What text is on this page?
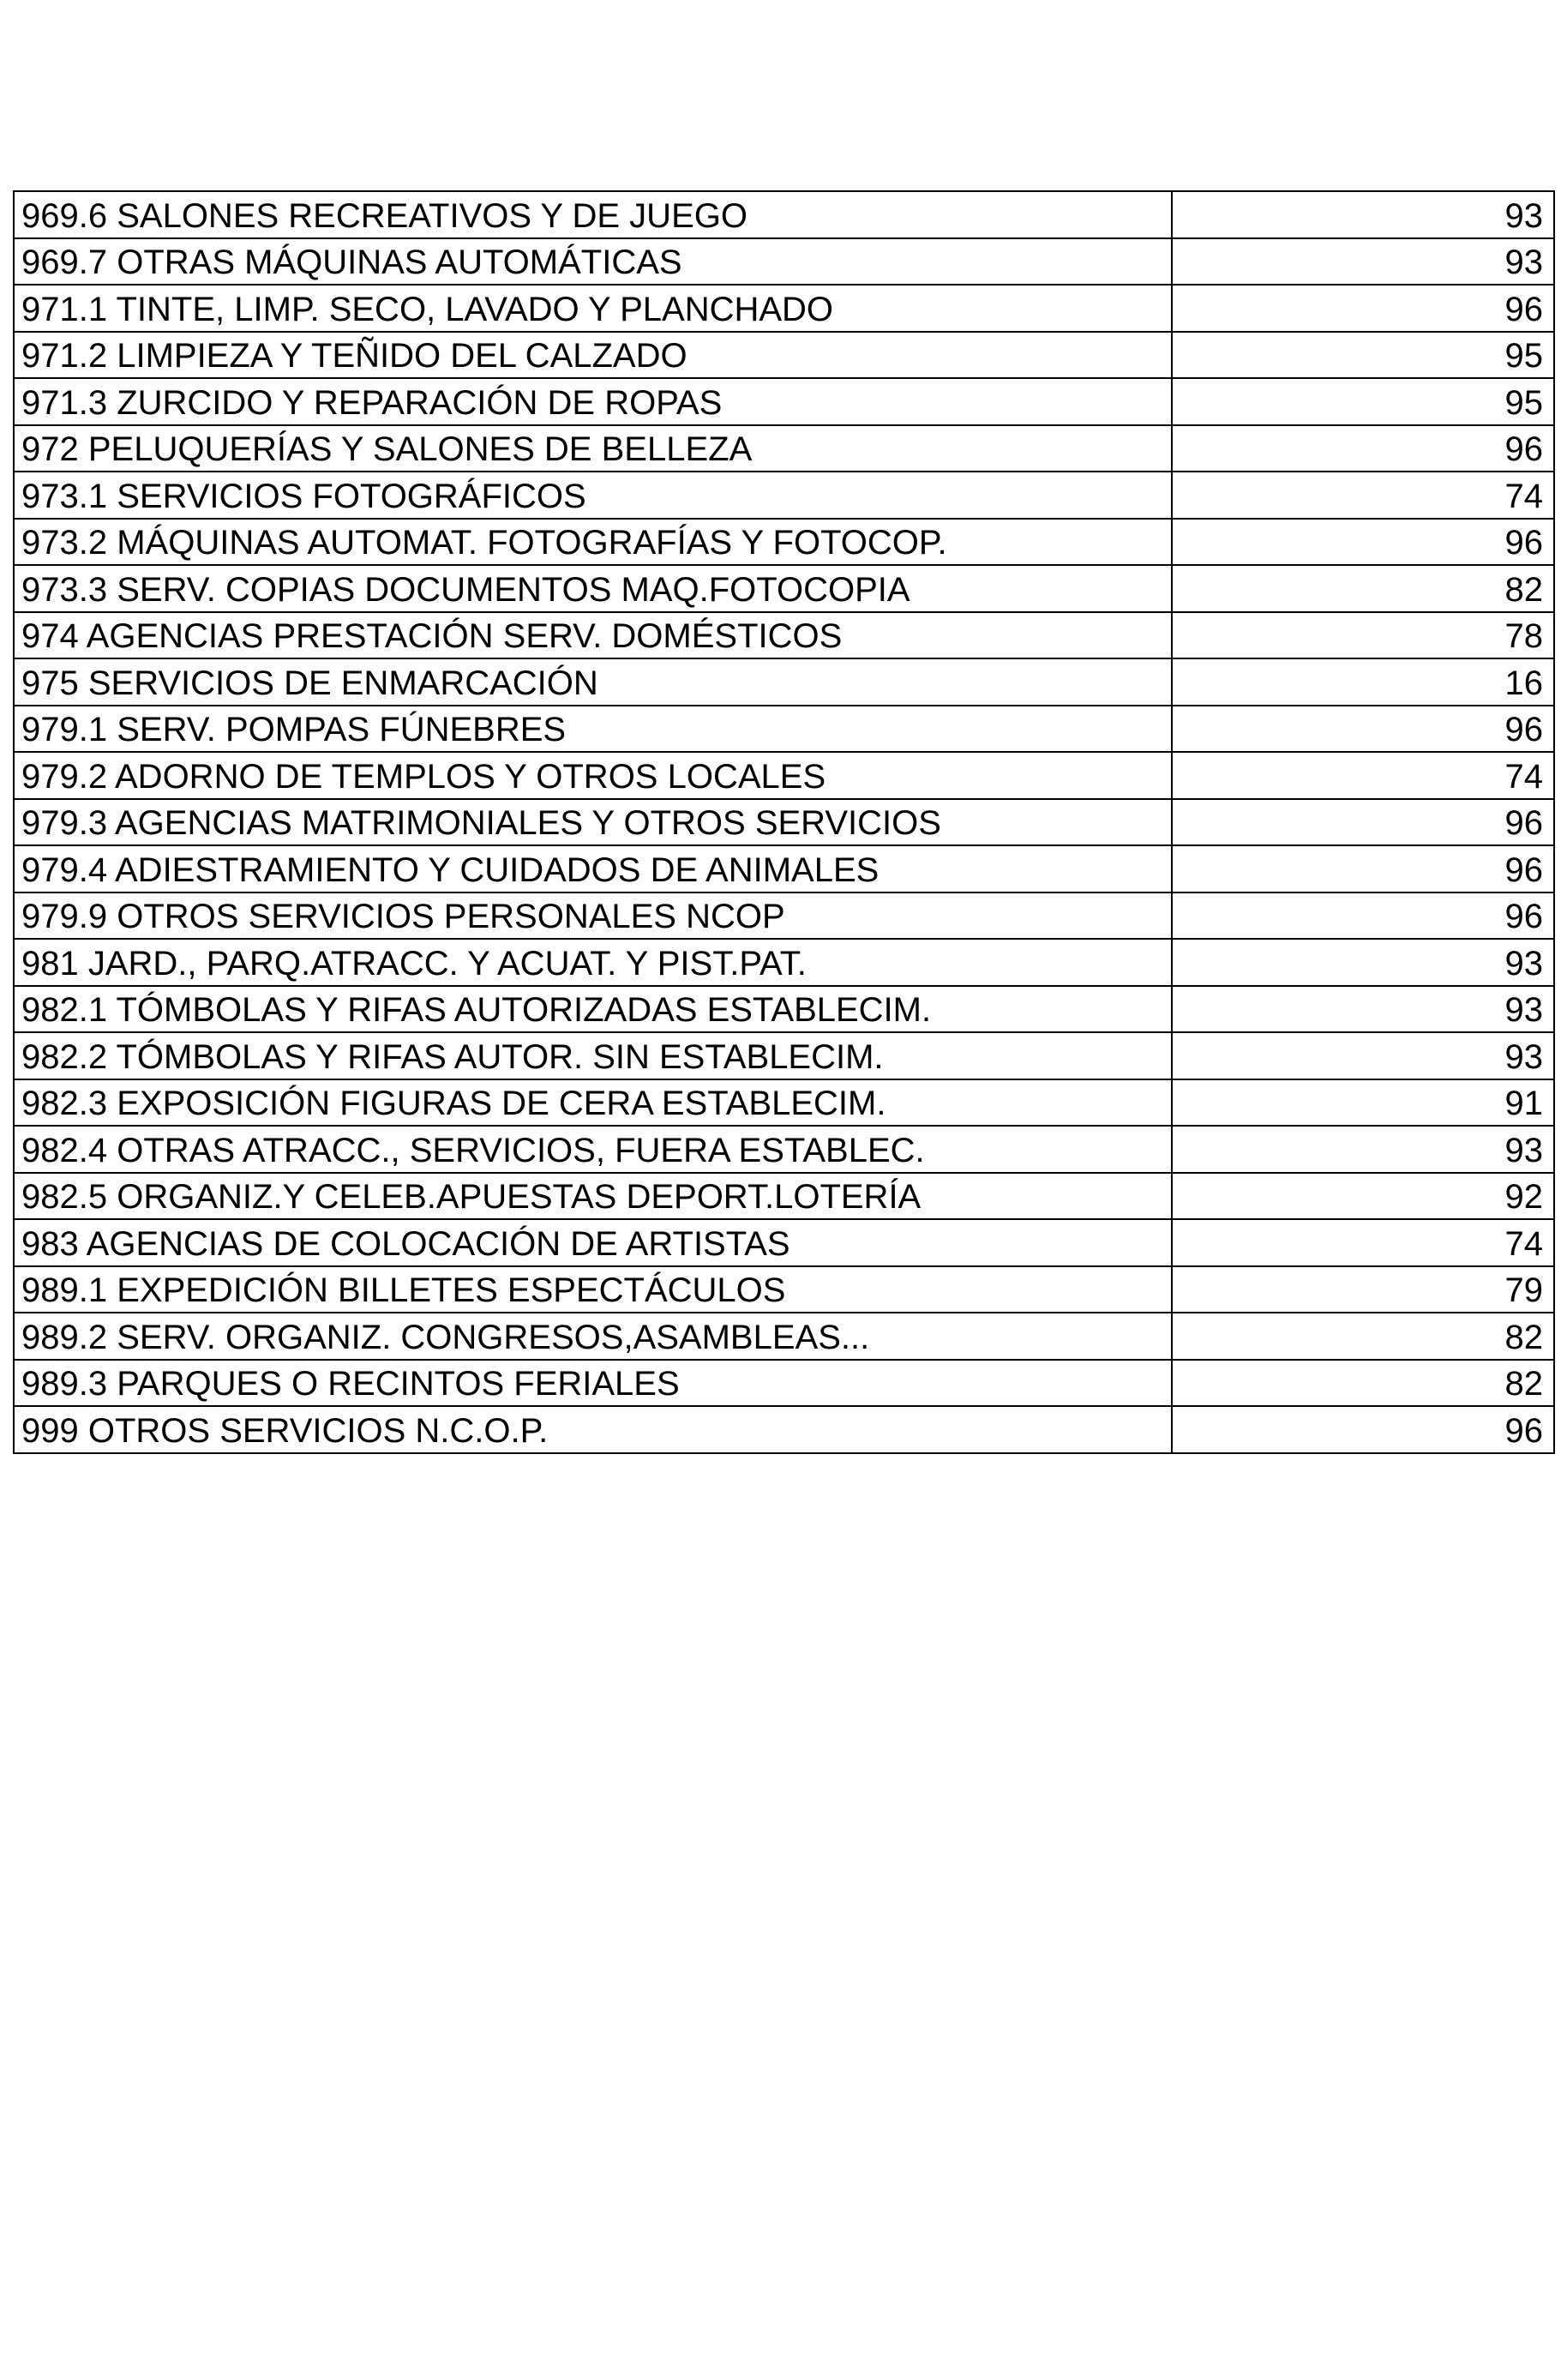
969.6 SALONES RECREATIVOS Y DE JUEGO	93
969.7 OTRAS MÁQUINAS AUTOMÁTICAS	93
971.1 TINTE, LIMP. SECO, LAVADO Y PLANCHADO	96
971.2 LIMPIEZA Y TEÑIDO DEL CALZADO	95
971.3 ZURCIDO Y REPARACIÓN DE ROPAS	95
972 PELUQUERÍAS Y SALONES DE BELLEZA	96
973.1 SERVICIOS FOTOGRÁFICOS	74
973.2 MÁQUINAS AUTOMAT. FOTOGRAFÍAS Y FOTOCOP.	96
973.3 SERV. COPIAS DOCUMENTOS MAQ.FOTOCOPIA	82
974 AGENCIAS PRESTACIÓN SERV. DOMÉSTICOS	78
975 SERVICIOS DE ENMARCACIÓN	16
979.1 SERV. POMPAS FÚNEBRES	96
979.2 ADORNO DE TEMPLOS Y OTROS LOCALES	74
979.3 AGENCIAS MATRIMONIALES Y OTROS SERVICIOS	96
979.4 ADIESTRAMIENTO Y CUIDADOS DE ANIMALES	96
979.9 OTROS SERVICIOS PERSONALES NCOP	96
981 JARD., PARQ.ATRACC. Y ACUAT. Y PIST.PAT.	93
982.1 TÓMBOLAS Y RIFAS AUTORIZADAS ESTABLECIM.	93
982.2 TÓMBOLAS Y RIFAS AUTOR. SIN ESTABLECIM.	93
982.3 EXPOSICIÓN FIGURAS DE CERA ESTABLECIM.	91
982.4 OTRAS ATRACC., SERVICIOS, FUERA ESTABLEC.	93
982.5 ORGANIZ.Y CELEB.APUESTAS DEPORT.LOTERÍA	92
983 AGENCIAS DE COLOCACIÓN DE ARTISTAS	74
989.1 EXPEDICIÓN BILLETES ESPECTÁCULOS	79
989.2 SERV. ORGANIZ. CONGRESOS,ASAMBLEAS...	82
989.3 PARQUES O RECINTOS FERIALES	82
999 OTROS SERVICIOS N.C.O.P.	96
